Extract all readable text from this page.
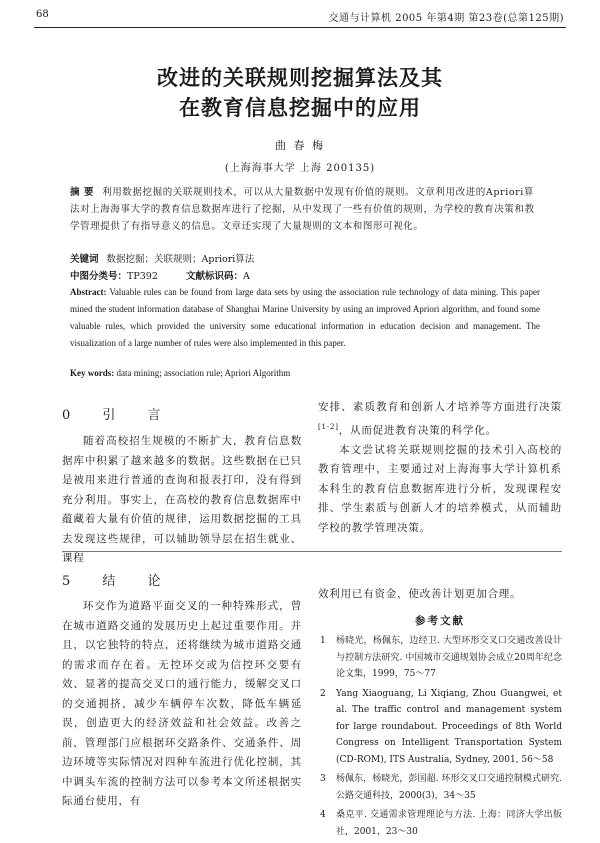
68	交通与计算机 2005 年第4期 第23卷(总第125期)
改进的关联规则挖掘算法及其
在教育信息挖掘中的应用
曲 春 梅
(上海海事大学 上海 200135)
摘 要 利用数据挖掘的关联规则技术，可以从大量数据中发现有价值的规则。文章利用改进的Apriori算法对上海海事大学的教育信息数据库进行了挖掘，从中发现了一些有价值的规则，为学校的教育决策和教学管理提供了有指导意义的信息。文章还实现了大量规则的文本和图形可视化。
关键词 数据挖掘；关联规则；Apriori算法
中图分类号：TP392	文献标识码：A
Abstract: Valuable rules can be found from large data sets by using the association rule technology of data mining. This paper mined the student information database of Shanghai Marine University by using an improved Apriori algorithm, and found some valuable rules, which provided the university some educational information in education decision and management. The visualization of a large number of rules were also implemented in this paper.
Key words: data mining; association rule; Apriori Algorithm
0 引 言
随着高校招生规模的不断扩大，教育信息数据库中积累了越来越多的数据。这些数据在已只是被用来进行普通的查询和报表打印，没有得到充分利用。事实上，在高校的教育信息数据库中蕴藏着大量有价值的规律，运用数据挖掘的工具去发现这些规律，可以辅助领导层在招生就业、课程
安排、素质教育和创新人才培养等方面进行决策[1-2]，从而促进教育决策的科学化。
本文尝试将关联规则挖掘的技术引入高校的教育管理中，主要通过对上海海事大学计算机系本科生的教育信息数据库进行分析，发现课程安排、学生素质与创新人才的培养模式，从而辅助学校的教学管理决策。
5 结 论
环交作为道路平面交叉的一种特殊形式，曾在城市道路交通的发展历史上起过重要作用。并且，以它独特的特点，还将继续为城市道路交通的需求而存在着。无控环交或为信控环交要有效、显著的提高交叉口的通行能力，缓解交叉口的交通拥挤，减少车辆停车次数，降低车辆延误，创造更大的经济效益和社会效益。改善之前，管理部门应根据环交路条件、交通条件、周边环境等实际情况对四种车流进行优化控制，其中调头车流的控制方法可以参考本文所述根据实际通台使用，有
效利用已有资金，使改善计划更加合理。
参考文献
1 杨晓光，杨佩东，边经卫. 大型环形交叉口交通改善设计与控制方法研究. 中国城市交通规划协会成立20周年纪念论文集，1999，75～77
2 Yang Xiaoguang, Li Xiqiang, Zhou Guangwei, et al. The traffic control and management system for large roundabout. Proceedings of 8th World Congress on Intelligent Transportation System (CD-ROM), ITS Australia, Sydney, 2001, 56～58
3 杨佩东，杨晓光，彭国超. 环形交叉口交通控制模式研究. 公路交通科技，2000(3)，34～35
4 桑克平. 交通需求管理理论与方法. 上海：同济大学出版社，2001，23～30
